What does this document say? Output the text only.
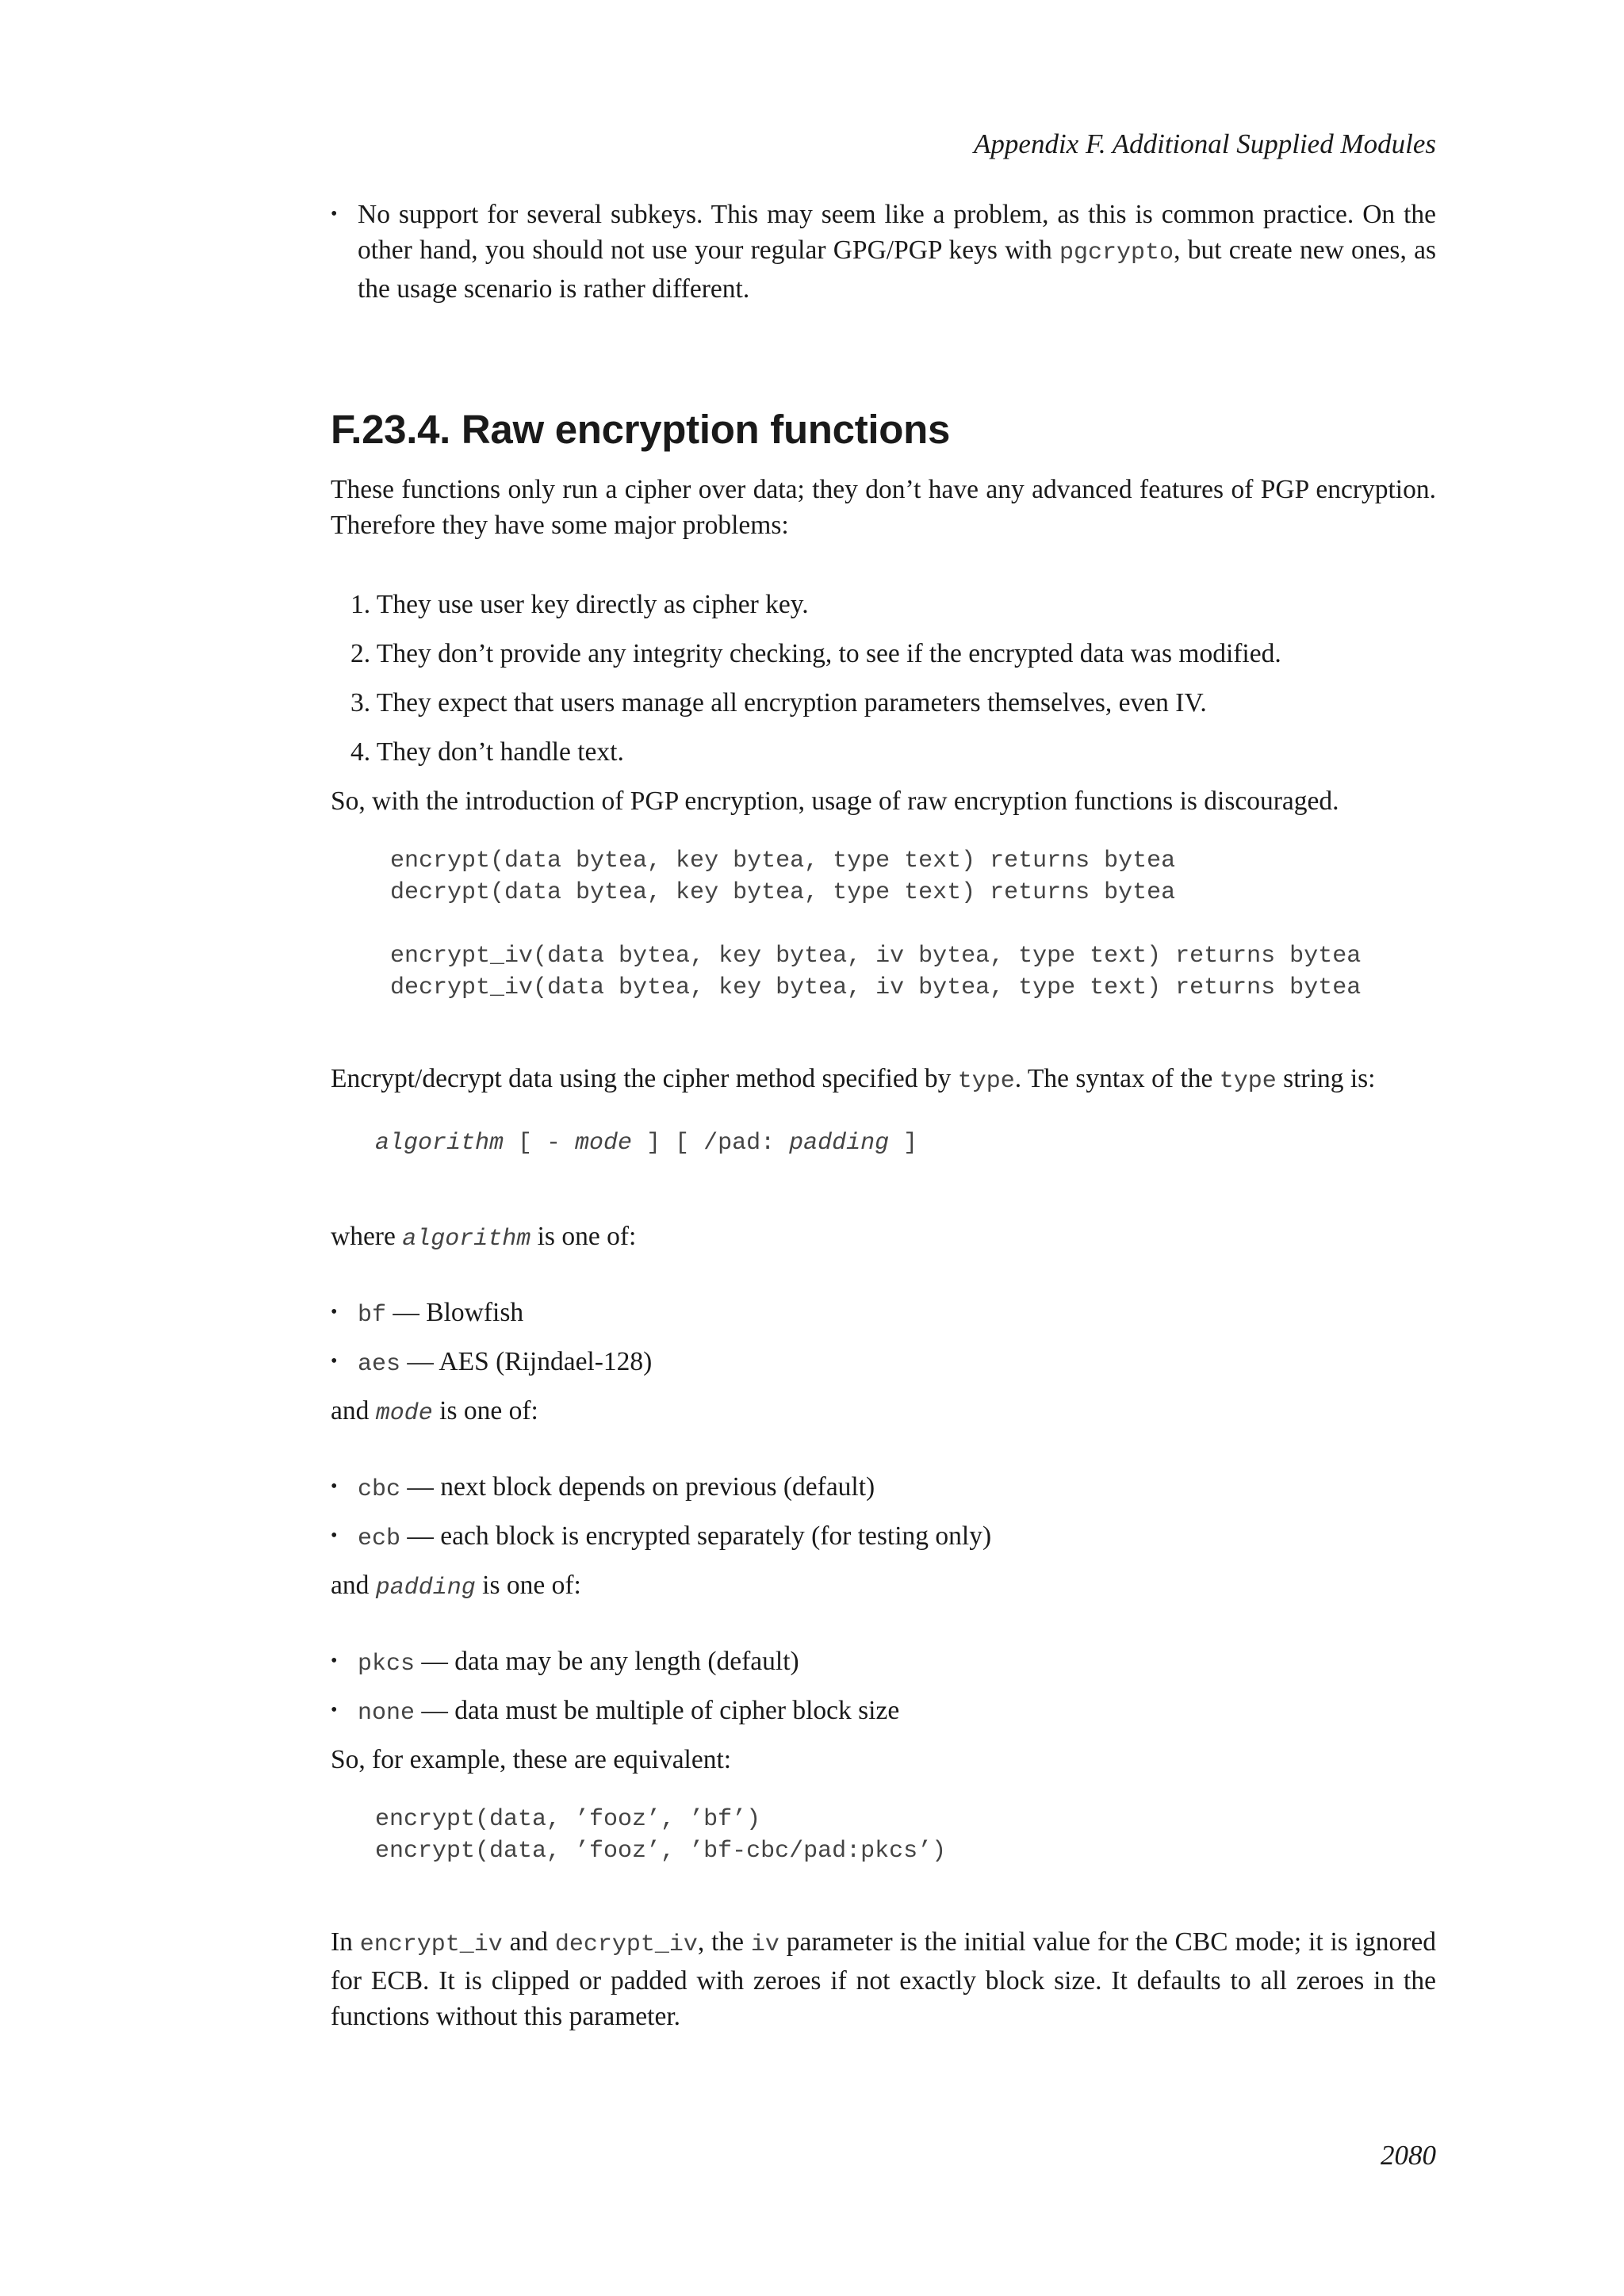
Appendix F. Additional Supplied Modules
• No support for several subkeys. This may seem like a problem, as this is common practice. On the other hand, you should not use your regular GPG/PGP keys with pgcrypto, but create new ones, as the usage scenario is rather different.
F.23.4. Raw encryption functions

These functions only run a cipher over data; they don’t have any advanced features of PGP encryption. Therefore they have some major problems:

1. They use user key directly as cipher key.
2. They don’t provide any integrity checking, to see if the encrypted data was modified.
3. They expect that users manage all encryption parameters themselves, even IV.
4. They don’t handle text.

So, with the introduction of PGP encryption, usage of raw encryption functions is discouraged.

encrypt(data bytea, key bytea, type text) returns bytea
decrypt(data bytea, key bytea, type text) returns bytea

encrypt_iv(data bytea, key bytea, iv bytea, type text) returns bytea
decrypt_iv(data bytea, key bytea, iv bytea, type text) returns bytea

Encrypt/decrypt data using the cipher method specified by type. The syntax of the type string is:

algorithm [ - mode ] [ /pad: padding ]

where algorithm is one of:

• bf — Blowfish
• aes — AES (Rijndael-128)

and mode is one of:

• cbc — next block depends on previous (default)
• ecb — each block is encrypted separately (for testing only)

and padding is one of:

• pkcs — data may be any length (default)
• none — data must be multiple of cipher block size

So, for example, these are equivalent:

encrypt(data, ’fooz’, ’bf’)
encrypt(data, ’fooz’, ’bf-cbc/pad:pkcs’)

In encrypt_iv and decrypt_iv, the iv parameter is the initial value for the CBC mode; it is ignored for ECB. It is clipped or padded with zeroes if not exactly block size. It defaults to all zeroes in the functions without this parameter.

2080
